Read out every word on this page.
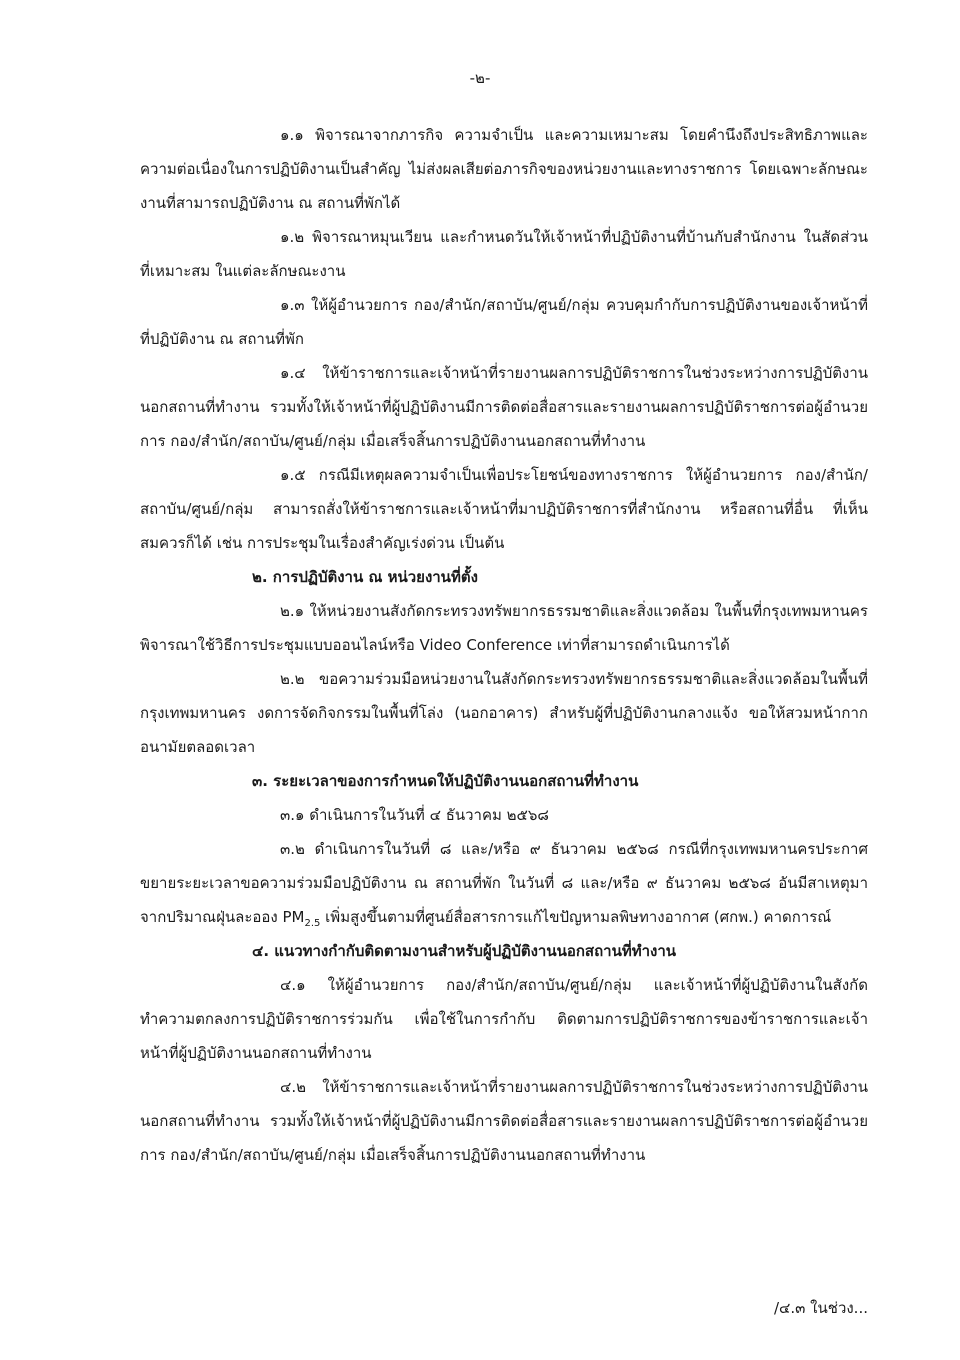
-๒-

๑.๑ พิจารณาจากภารกิจ ความจำเป็น และความเหมาะสม โดยคำนึงถึงประสิทธิภาพและความต่อเนื่องในการปฏิบัติงานเป็นสำคัญ ไม่ส่งผลเสียต่อภารกิจของหน่วยงานและทางราชการ โดยเฉพาะลักษณะงานที่สามารถปฏิบัติงาน ณ สถานที่พักได้

๑.๒ พิจารณาหมุนเวียน และกำหนดวันให้เจ้าหน้าที่ปฏิบัติงานที่บ้านกับสำนักงาน ในสัดส่วนที่เหมาะสม ในแต่ละลักษณะงาน

๑.๓ ให้ผู้อำนวยการ กอง/สำนัก/สถาบัน/ศูนย์/กลุ่ม ควบคุมกำกับการปฏิบัติงานของเจ้าหน้าที่ที่ปฏิบัติงาน ณ สถานที่พัก

๑.๔ ให้ข้าราชการและเจ้าหน้าที่รายงานผลการปฏิบัติราชการในช่วงระหว่างการปฏิบัติงานนอกสถานที่ทำงาน รวมทั้งให้เจ้าหน้าที่ผู้ปฏิบัติงานมีการติดต่อสื่อสารและรายงานผลการปฏิบัติราชการต่อผู้อำนวยการ กอง/สำนัก/สถาบัน/ศูนย์/กลุ่ม เมื่อเสร็จสิ้นการปฏิบัติงานนอกสถานที่ทำงาน

๑.๕ กรณีมีเหตุผลความจำเป็นเพื่อประโยชน์ของทางราชการ ให้ผู้อำนวยการ กอง/สำนัก/สถาบัน/ศูนย์/กลุ่ม สามารถสั่งให้ข้าราชการและเจ้าหน้าที่มาปฏิบัติราชการที่สำนักงาน หรือสถานที่อื่น ที่เห็นสมควรก็ได้ เช่น การประชุมในเรื่องสำคัญเร่งด่วน เป็นต้น

๒. การปฏิบัติงาน ณ หน่วยงานที่ตั้ง

๒.๑ ให้หน่วยงานสังกัดกระทรวงทรัพยากรธรรมชาติและสิ่งแวดล้อม ในพื้นที่กรุงเทพมหานครพิจารณาใช้วิธีการประชุมแบบออนไลน์หรือ Video Conference เท่าที่สามารถดำเนินการได้

๒.๒ ขอความร่วมมือหน่วยงานในสังกัดกระทรวงทรัพยากรธรรมชาติและสิ่งแวดล้อมในพื้นที่กรุงเทพมหานคร งดการจัดกิจกรรมในพื้นที่โล่ง (นอกอาคาร) สำหรับผู้ที่ปฏิบัติงานกลางแจ้ง ขอให้สวมหน้ากากอนามัยตลอดเวลา

๓. ระยะเวลาของการกำหนดให้ปฏิบัติงานนอกสถานที่ทำงาน

๓.๑ ดำเนินการในวันที่ ๔ ธันวาคม ๒๕๖๘

๓.๒ ดำเนินการในวันที่ ๘ และ/หรือ ๙ ธันวาคม ๒๕๖๘ กรณีที่กรุงเทพมหานครประกาศขยายระยะเวลาขอความร่วมมือปฏิบัติงาน ณ สถานที่พัก ในวันที่ ๘ และ/หรือ ๙ ธันวาคม ๒๕๖๘ อันมีสาเหตุมาจากปริมาณฝุ่นละออง $PM_{2.5}$ เพิ่มสูงขึ้นตามที่ศูนย์สื่อสารการแก้ไขปัญหามลพิษทางอากาศ (ศกพ.) คาดการณ์

๔. แนวทางกำกับติดตามงานสำหรับผู้ปฏิบัติงานนอกสถานที่ทำงาน

๔.๑ ให้ผู้อำนวยการ กอง/สำนัก/สถาบัน/ศูนย์/กลุ่ม และเจ้าหน้าที่ผู้ปฏิบัติงานในสังกัดทำความตกลงการปฏิบัติราชการร่วมกัน เพื่อใช้ในการกำกับ ติดตามการปฏิบัติราชการของข้าราชการและเจ้าหน้าที่ผู้ปฏิบัติงานนอกสถานที่ทำงาน

๔.๒ ให้ข้าราชการและเจ้าหน้าที่รายงานผลการปฏิบัติราชการในช่วงระหว่างการปฏิบัติงานนอกสถานที่ทำงาน รวมทั้งให้เจ้าหน้าที่ผู้ปฏิบัติงานมีการติดต่อสื่อสารและรายงานผลการปฏิบัติราชการต่อผู้อำนวยการ กอง/สำนัก/สถาบัน/ศูนย์/กลุ่ม เมื่อเสร็จสิ้นการปฏิบัติงานนอกสถานที่ทำงาน

/๔.๓ ในช่วง...
